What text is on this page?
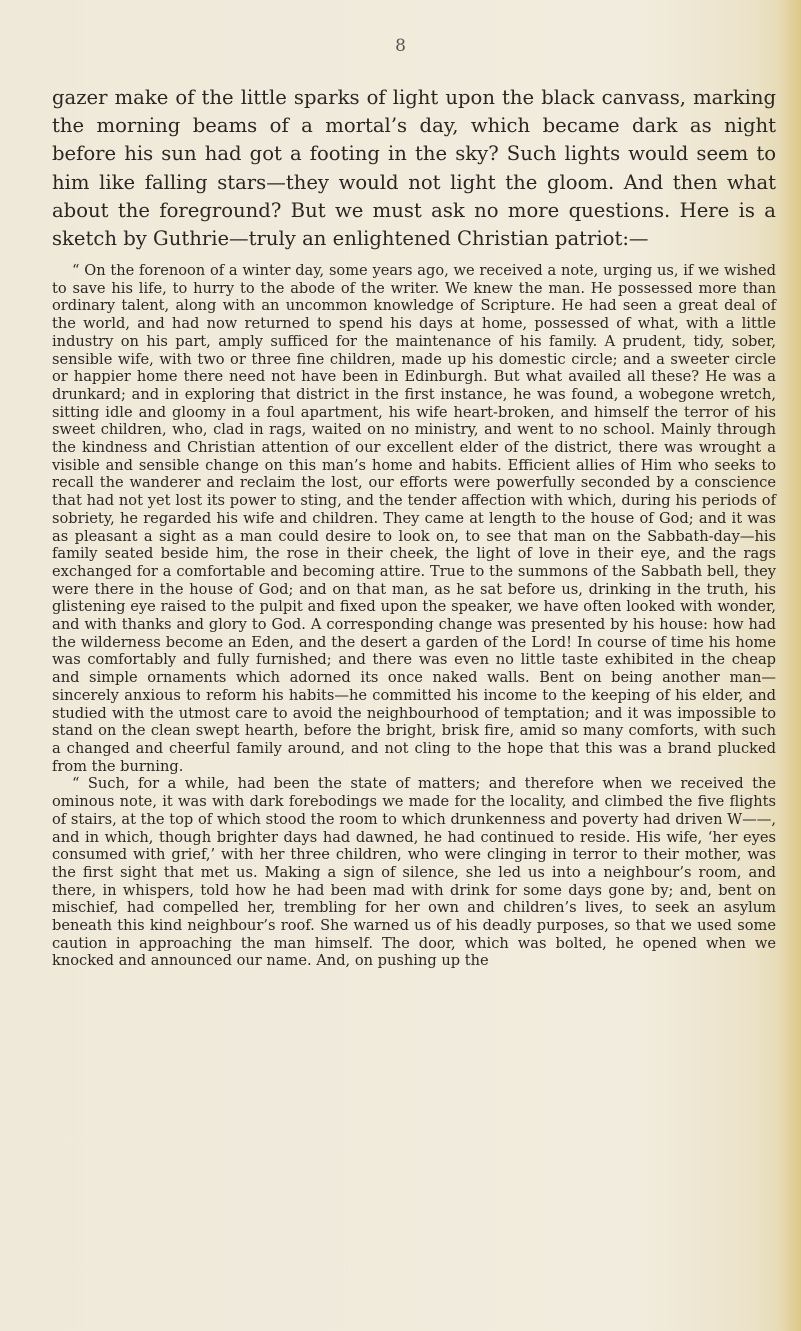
8
gazer make of the little sparks of light upon the black canvass, marking the morning beams of a mortal’s day, which became dark as night before his sun had got a footing in the sky? Such lights would seem to him like falling stars—they would not light the gloom. And then what about the foreground? But we must ask no more questions. Here is a sketch by Guthrie—truly an enlightened Christian patriot:—

“ On the forenoon of a winter day, some years ago, we received a note, urging us, if we wished to save his life, to hurry to the abode of the writer. We knew the man. He possessed more than ordinary talent, along with an uncommon knowledge of Scripture. He had seen a great deal of the world, and had now returned to spend his days at home, possessed of what, with a little industry on his part, amply sufficed for the maintenance of his family. A prudent, tidy, sober, sensible wife, with two or three fine children, made up his domestic circle; and a sweeter circle or happier home there need not have been in Edinburgh. But what availed all these? He was a drunkard; and in exploring that district in the first instance, he was found, a wobegone wretch, sitting idle and gloomy in a foul apartment, his wife heart-broken, and himself the terror of his sweet children, who, clad in rags, waited on no ministry, and went to no school. Mainly through the kindness and Christian attention of our excellent elder of the district, there was wrought a visible and sensible change on this man’s home and habits. Efficient allies of Him who seeks to recall the wanderer and reclaim the lost, our efforts were powerfully seconded by a conscience that had not yet lost its power to sting, and the tender affection with which, during his periods of sobriety, he regarded his wife and children. They came at length to the house of God; and it was as pleasant a sight as a man could desire to look on, to see that man on the Sabbath-day—his family seated beside him, the rose in their cheek, the light of love in their eye, and the rags exchanged for a comfortable and becoming attire. True to the summons of the Sabbath bell, they were there in the house of God; and on that man, as he sat before us, drinking in the truth, his glistening eye raised to the pulpit and fixed upon the speaker, we have often looked with wonder, and with thanks and glory to God. A corresponding change was presented by his house: how had the wilderness become an Eden, and the desert a garden of the Lord! In course of time his home was comfortably and fully furnished; and there was even no little taste exhibited in the cheap and simple ornaments which adorned its once naked walls. Bent on being another man—sincerely anxious to reform his habits—he committed his income to the keeping of his elder, and studied with the utmost care to avoid the neighbourhood of temptation; and it was impossible to stand on the clean swept hearth, before the bright, brisk fire, amid so many comforts, with such a changed and cheerful family around, and not cling to the hope that this was a brand plucked from the burning.

“ Such, for a while, had been the state of matters; and therefore when we received the ominous note, it was with dark forebodings we made for the locality, and climbed the five flights of stairs, at the top of which stood the room to which drunkenness and poverty had driven W——, and in which, though brighter days had dawned, he had continued to reside. His wife, ‘her eyes consumed with grief,’ with her three children, who were clinging in terror to their mother, was the first sight that met us. Making a sign of silence, she led us into a neighbour’s room, and there, in whispers, told how he had been mad with drink for some days gone by; and, bent on mischief, had compelled her, trembling for her own and children’s lives, to seek an asylum beneath this kind neighbour’s roof. She warned us of his deadly purposes, so that we used some caution in approaching the man himself. The door, which was bolted, he opened when we knocked and announced our name. And, on pushing up the
